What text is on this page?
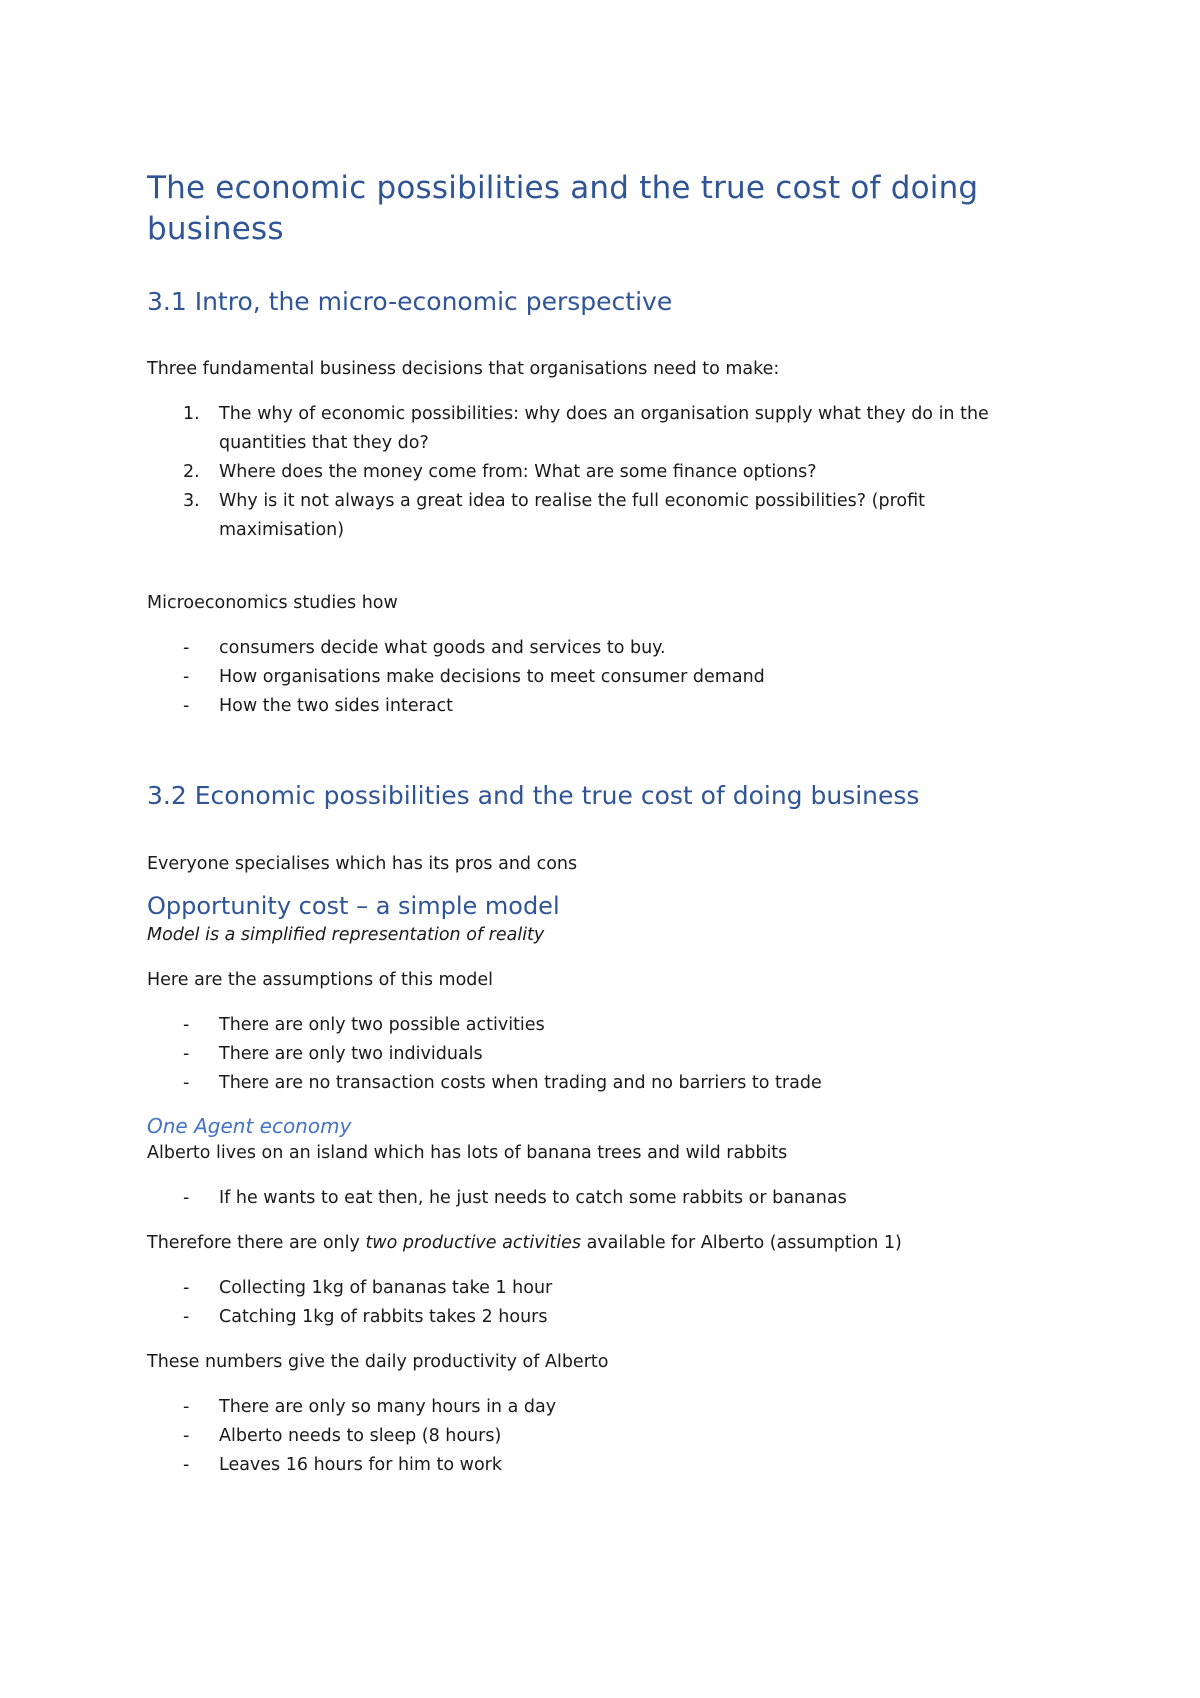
The economic possibilities and the true cost of doing business
3.1 Intro, the micro-economic perspective

Three fundamental business decisions that organisations need to make:

1. The why of economic possibilities: why does an organisation supply what they do in the quantities that they do?
2. Where does the money come from: What are some finance options?
3. Why is it not always a great idea to realise the full economic possibilities? (profit maximisation)

Microeconomics studies how

- consumers decide what goods and services to buy.
- How organisations make decisions to meet consumer demand
- How the two sides interact
3.2 Economic possibilities and the true cost of doing business

Everyone specialises which has its pros and cons

Opportunity cost – a simple model

Model is a simplified representation of reality

Here are the assumptions of this model

- There are only two possible activities
- There are only two individuals
- There are no transaction costs when trading and no barriers to trade
One Agent economy

Alberto lives on an island which has lots of banana trees and wild rabbits

- If he wants to eat then, he just needs to catch some rabbits or bananas

Therefore there are only two productive activities available for Alberto (assumption 1)

- Collecting 1kg of bananas take 1 hour
- Catching 1kg of rabbits takes 2 hours

These numbers give the daily productivity of Alberto

- There are only so many hours in a day
- Alberto needs to sleep (8 hours)
- Leaves 16 hours for him to work
